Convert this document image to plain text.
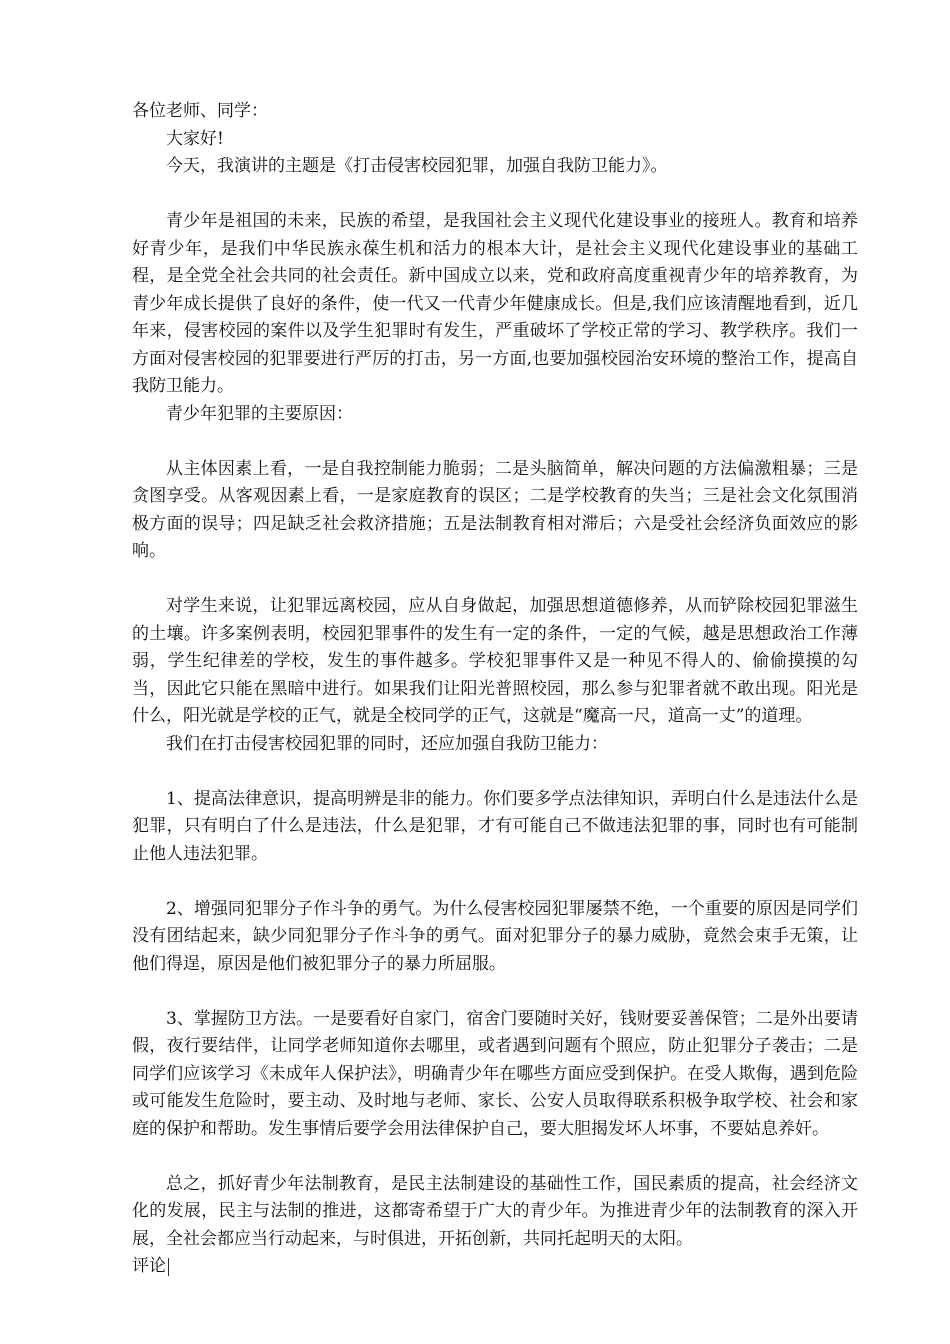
各位老师、同学：

大家好!

今天，我演讲的主题是《打击侵害校园犯罪，加强自我防卫能力》。

青少年是祖国的未来，民族的希望，是我国社会主义现代化建设事业的接班人。教育和培养好青少年，是我们中华民族永葆生机和活力的根本大计，是社会主义现代化建设事业的基础工程，是全党全社会共同的社会责任。新中国成立以来，党和政府高度重视青少年的培养教育，为青少年成长提供了良好的条件，使一代又一代青少年健康成长。但是,我们应该清醒地看到，近几年来，侵害校园的案件以及学生犯罪时有发生，严重破坏了学校正常的学习、教学秩序。我们一方面对侵害校园的犯罪要进行严厉的打击，另一方面,也要加强校园治安环境的整治工作，提高自我防卫能力。

青少年犯罪的主要原因：

从主体因素上看，一是自我控制能力脆弱；二是头脑简单，解决问题的方法偏激粗暴；三是贪图享受。从客观因素上看，一是家庭教育的误区；二是学校教育的失当；三是社会文化氛围消极方面的误导；四足缺乏社会救济措施；五是法制教育相对滞后；六是受社会经济负面效应的影响。

对学生来说，让犯罪远离校园，应从自身做起，加强思想道德修养，从而铲除校园犯罪滋生的土壤。许多案例表明，校园犯罪事件的发生有一定的条件，一定的气候，越是思想政治工作薄弱，学生纪律差的学校，发生的事件越多。学校犯罪事件又是一种见不得人的、偷偷摸摸的勾当，因此它只能在黑暗中进行。如果我们让阳光普照校园，那么参与犯罪者就不敢出现。阳光是什么，阳光就是学校的正气，就是全校同学的正气，这就是“魔高一尺，道高一丈”的道理。

我们在打击侵害校园犯罪的同时，还应加强自我防卫能力：

1、提高法律意识，提高明辨是非的能力。你们要多学点法律知识，弄明白什么是违法什么是犯罪，只有明白了什么是违法，什么是犯罪，才有可能自己不做违法犯罪的事，同时也有可能制止他人违法犯罪。

2、增强同犯罪分子作斗争的勇气。为什么侵害校园犯罪屡禁不绝，一个重要的原因是同学们没有团结起来，缺少同犯罪分子作斗争的勇气。面对犯罪分子的暴力威胁，竟然会束手无策，让他们得逞，原因是他们被犯罪分子的暴力所屈服。

3、掌握防卫方法。一是要看好自家门，宿舍门要随时关好，钱财要妥善保管；二是外出要请假，夜行要结伴，让同学老师知道你去哪里，或者遇到问题有个照应，防止犯罪分子袭击；二是同学们应该学习《未成年人保护法》，明确青少年在哪些方面应受到保护。在受人欺侮，遇到危险或可能发生危险时，要主动、及时地与老师、家长、公安人员取得联系积极争取学校、社会和家庭的保护和帮助。发生事情后要学会用法律保护自己，要大胆揭发坏人坏事，不要姑息养奸。

总之，抓好青少年法制教育，是民主法制建设的基础性工作，国民素质的提高，社会经济文化的发展，民主与法制的推进，这都寄希望于广大的青少年。为推进青少年的法制教育的深入开展，全社会都应当行动起来，与时俱进，开拓创新，共同托起明天的太阳。

评论
